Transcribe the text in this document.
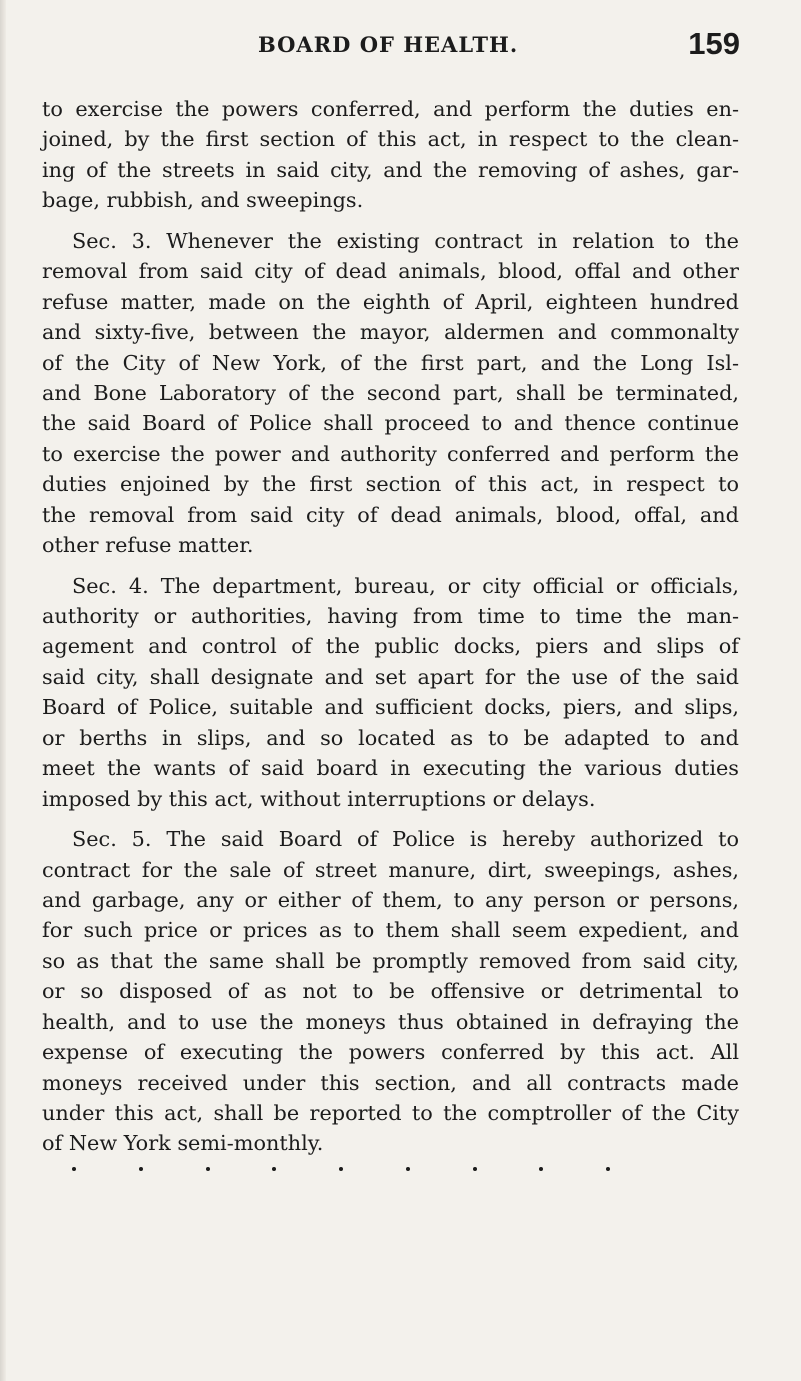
BOARD OF HEALTH.	159
to exercise the powers conferred, and perform the duties en-
joined, by the first section of this act, in respect to the clean-
ing of the streets in said city, and the removing of ashes, gar-
bage, rubbish, and sweepings.
Sec. 3. Whenever the existing contract in relation to the
removal from said city of dead animals, blood, offal and other
refuse matter, made on the eighth of April, eighteen hundred
and sixty-five, between the mayor, aldermen and commonalty
of the City of New York, of the first part, and the Long Isl-
and Bone Laboratory of the second part, shall be terminated,
the said Board of Police shall proceed to and thence continue
to exercise the power and authority conferred and perform the
duties enjoined by the first section of this act, in respect to
the removal from said city of dead animals, blood, offal, and
other refuse matter.
Sec. 4. The department, bureau, or city official or officials,
authority or authorities, having from time to time the man-
agement and control of the public docks, piers and slips of
said city, shall designate and set apart for the use of the said
Board of Police, suitable and sufficient docks, piers, and slips,
or berths in slips, and so located as to be adapted to and
meet the wants of said board in executing the various duties
imposed by this act, without interruptions or delays.
Sec. 5. The said Board of Police is hereby authorized to
contract for the sale of street manure, dirt, sweepings, ashes,
and garbage, any or either of them, to any person or persons,
for such price or prices as to them shall seem expedient, and
so as that the same shall be promptly removed from said city,
or so disposed of as not to be offensive or detrimental to
health, and to use the moneys thus obtained in defraying the
expense of executing the powers conferred by this act. All
moneys received under this section, and all contracts made
under this act, shall be reported to the comptroller of the City
of New York semi-monthly.
